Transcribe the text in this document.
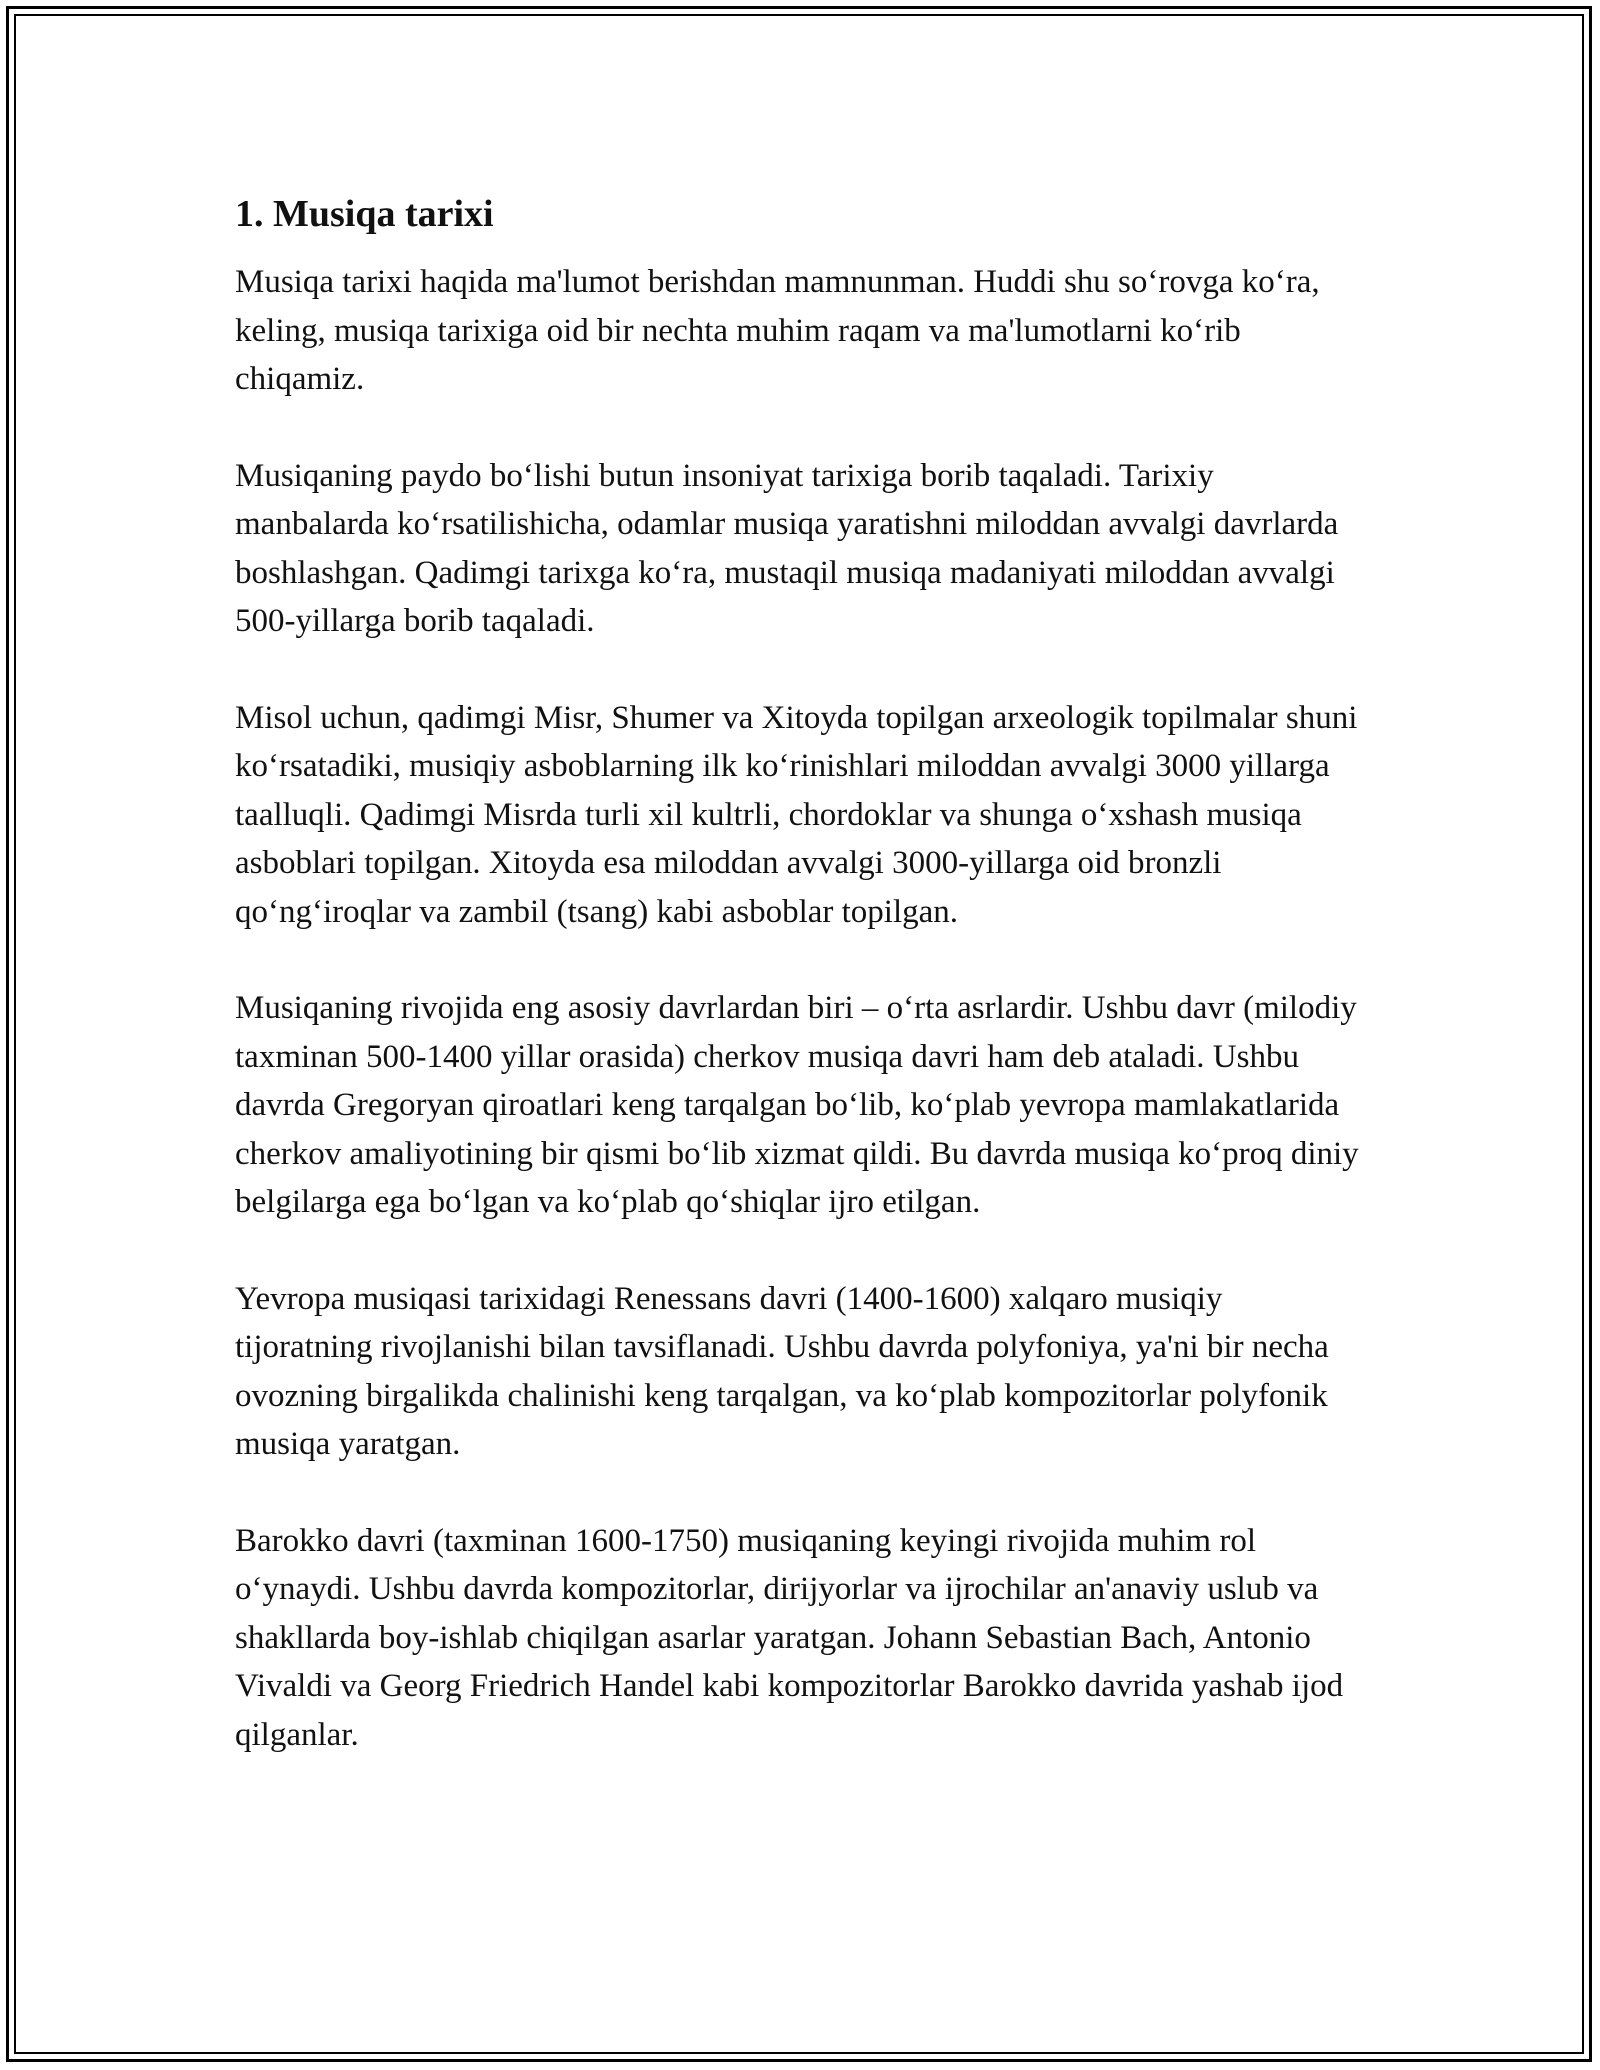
1. Musiqa tarixi

Musiqa tarixi haqida ma'lumot berishdan mamnunman. Huddi shu so‘rovga ko‘ra, keling, musiqa tarixiga oid bir nechta muhim raqam va ma'lumotlarni ko‘rib chiqamiz.

Musiqaning paydo bo‘lishi butun insoniyat tarixiga borib taqaladi. Tarixiy manbalarda ko‘rsatilishicha, odamlar musiqa yaratishni miloddan avvalgi davrlarda boshlashgan. Qadimgi tarixga ko‘ra, mustaqil musiqa madaniyati miloddan avvalgi 500-yillarga borib taqaladi.

Misol uchun, qadimgi Misr, Shumer va Xitoyda topilgan arxeologik topilmalar shuni ko‘rsatadiki, musiqiy asboblarning ilk ko‘rinishlari miloddan avvalgi 3000 yillarga taalluqli. Qadimgi Misrda turli xil kultrli, chordoklar va shunga o‘xshash musiqa asboblari topilgan. Xitoyda esa miloddan avvalgi 3000-yillarga oid bronzli qo‘ng‘iroqlar va zambil (tsang) kabi asboblar topilgan.

Musiqaning rivojida eng asosiy davrlardan biri – o‘rta asrlardir. Ushbu davr (milodiy taxminan 500-1400 yillar orasida) cherkov musiqa davri ham deb ataladi. Ushbu davrda Gregoryan qiroatlari keng tarqalgan bo‘lib, ko‘plab yevropa mamlakatlarida cherkov amaliyotining bir qismi bo‘lib xizmat qildi. Bu davrda musiqa ko‘proq diniy belgilarga ega bo‘lgan va ko‘plab qo‘shiqlar ijro etilgan.

Yevropa musiqasi tarixidagi Renessans davri (1400-1600) xalqaro musiqiy tijoratning rivojlanishi bilan tavsiflanadi. Ushbu davrda polyfoniya, ya'ni bir necha ovozning birgalikda chalinishi keng tarqalgan, va ko‘plab kompozitorlar polyfonik musiqa yaratgan.

Barokko davri (taxminan 1600-1750) musiqaning keyingi rivojida muhim rol o‘ynaydi. Ushbu davrda kompozitorlar, dirijyorlar va ijrochilar an'anaviy uslub va shakllarda boy-ishlab chiqilgan asarlar yaratgan. Johann Sebastian Bach, Antonio Vivaldi va Georg Friedrich Handel kabi kompozitorlar Barokko davrida yashab ijod qilganlar.
